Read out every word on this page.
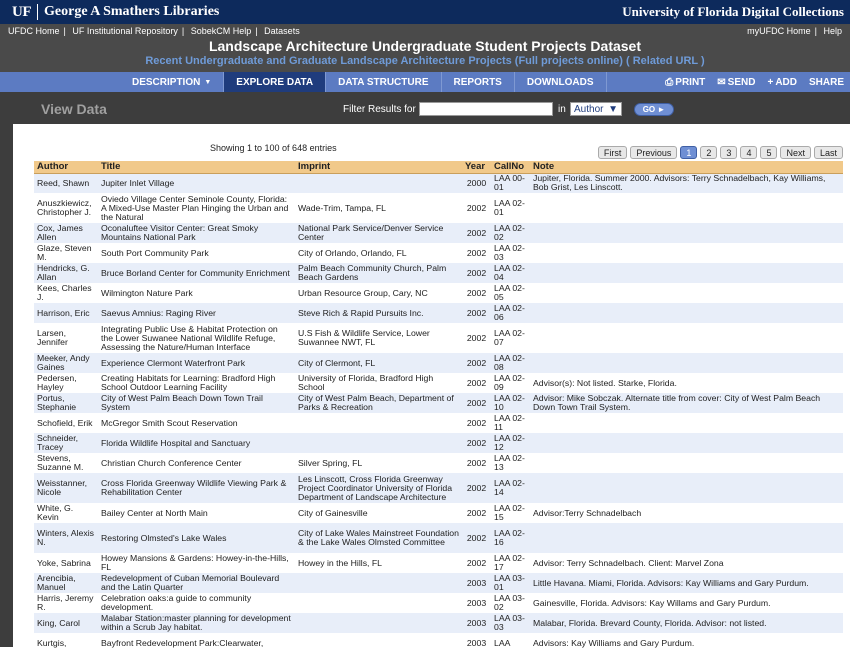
UF George A Smathers Libraries	University of Florida Digital Collections
UFDC Home | UF Institutional Repository | SobekCM Help | Datasets	myUFDC Home | Help
Landscape Architecture Undergraduate Student Projects Dataset
Recent Undergraduate and Graduate Landscape Architecture Projects (Full projects online) ( Related URL )
DESCRIPTION ▼	EXPLORE DATA	DATA STRUCTURE	REPORTS	DOWNLOADS	⎙ PRINT ✉ SEND + ADD SHARE
View Data	Filter Results for	in Author ▼	GO ►
Showing 1 to 100 of 648 entries	First	Previous	1	2	3	4	5	Next	Last
Author	Title	Imprint	Year	CallNo	Note
Reed, Shawn	Jupiter Inlet Village		2000	LAA 00-01	Jupiter, Florida. Summer 2000. Advisors: Terry Schnadelbach, Kay Williams, Bob Grist, Les Linscott.
Anuszkiewicz, Christopher J.	Oviedo Village Center Seminole County, Florida: A Mixed-Use Master Plan Hinging the Urban and the Natural	Wade-Trim, Tampa, FL	2002	LAA 02-01	
Cox, James Allen	Oconaluftee Visitor Center: Great Smoky Mountains National Park	National Park Service/Denver Service Center	2002	LAA 02-02	
Glaze, Steven M.	South Port Community Park	City of Orlando, Orlando, FL	2002	LAA 02-03	
Hendricks, G. Allan	Bruce Borland Center for Community Enrichment	Palm Beach Community Church, Palm Beach Gardens	2002	LAA 02-04	
Kees, Charles J.	Wilmington Nature Park	Urban Resource Group, Cary, NC	2002	LAA 02-05	
Harrison, Eric	Saevus Amnius: Raging River	Steve Rich & Rapid Pursuits Inc.	2002	LAA 02-06	
Larsen, Jennifer	Integrating Public Use & Habitat Protection on the Lower Suwanee National Wildlife Refuge, Assessing the Nature/Human Interface	U.S Fish & Wildlife Service, Lower Suwannee NWT, FL	2002	LAA 02-07	
Meeker, Andy Gaines	Experience Clermont Waterfront Park	City of Clermont, FL	2002	LAA 02-08	
Pedersen, Hayley	Creating Habitats for Learning: Bradford High School Outdoor Learning Facility	University of Florida, Bradford High School	2002	LAA 02-09	Advisor(s): Not listed. Starke, Florida.
Portus, Stephanie	City of West Palm Beach Down Town Trail System	City of West Palm Beach, Department of Parks & Recreation	2002	LAA 02-10	Advisor: Mike Sobczak. Alternate title from cover: City of West Palm Beach Down Town Trail System.
Schofield, Erik	McGregor Smith Scout Reservation		2002	LAA 02-11	
Schneider, Tracey	Florida Wildlife Hospital and Sanctuary		2002	LAA 02-12	
Stevens, Suzanne M.	Christian Church Conference Center	Silver Spring, FL	2002	LAA 02-13	
Weisstanner, Nicole	Cross Florida Greenway Wildlife Viewing Park & Rehabilitation Center	Les Linscott, Cross Florida Greenway Project Coordinator University of Florida Department of Landscape Architecture	2002	LAA 02-14	
White, G. Kevin	Bailey Center at North Main	City of Gainesville	2002	LAA 02-15	Advisor:Terry Schnadelbach
Winters, Alexis N.	Restoring Olmsted's Lake Wales	City of Lake Wales Mainstreet Foundation & the Lake Wales Olmsted Committee	2002	LAA 02-16	
Yoke, Sabrina	Howey Mansions & Gardens: Howey-in-the-Hills, FL	Howey in the Hills, FL	2002	LAA 02-17	Advisor: Terry Schnadelbach. Client: Marvel Zona
Arencibia, Manuel	Redevelopment of Cuban Memorial Boulevard and the Latin Quarter		2003	LAA 03-01	Little Havana. Miami, Florida. Advisors: Kay Williams and Gary Purdum.
Harris, Jeremy R.	Celebration oaks:a guide to community development.		2003	LAA 03-02	Gainesville, Florida. Advisors: Kay Willams and Gary Purdum.
King, Carol	Malabar Station:master planning for development within a Scrub Jay habitat.		2003	LAA 03-03	Malabar, Florida. Brevard County, Florida. Advisor: not listed.
Kurtgis,	Bayfront Redevelopment Park:Clearwater,		2003	LAA	Advisors: Kay Williams and Gary Purdum.
